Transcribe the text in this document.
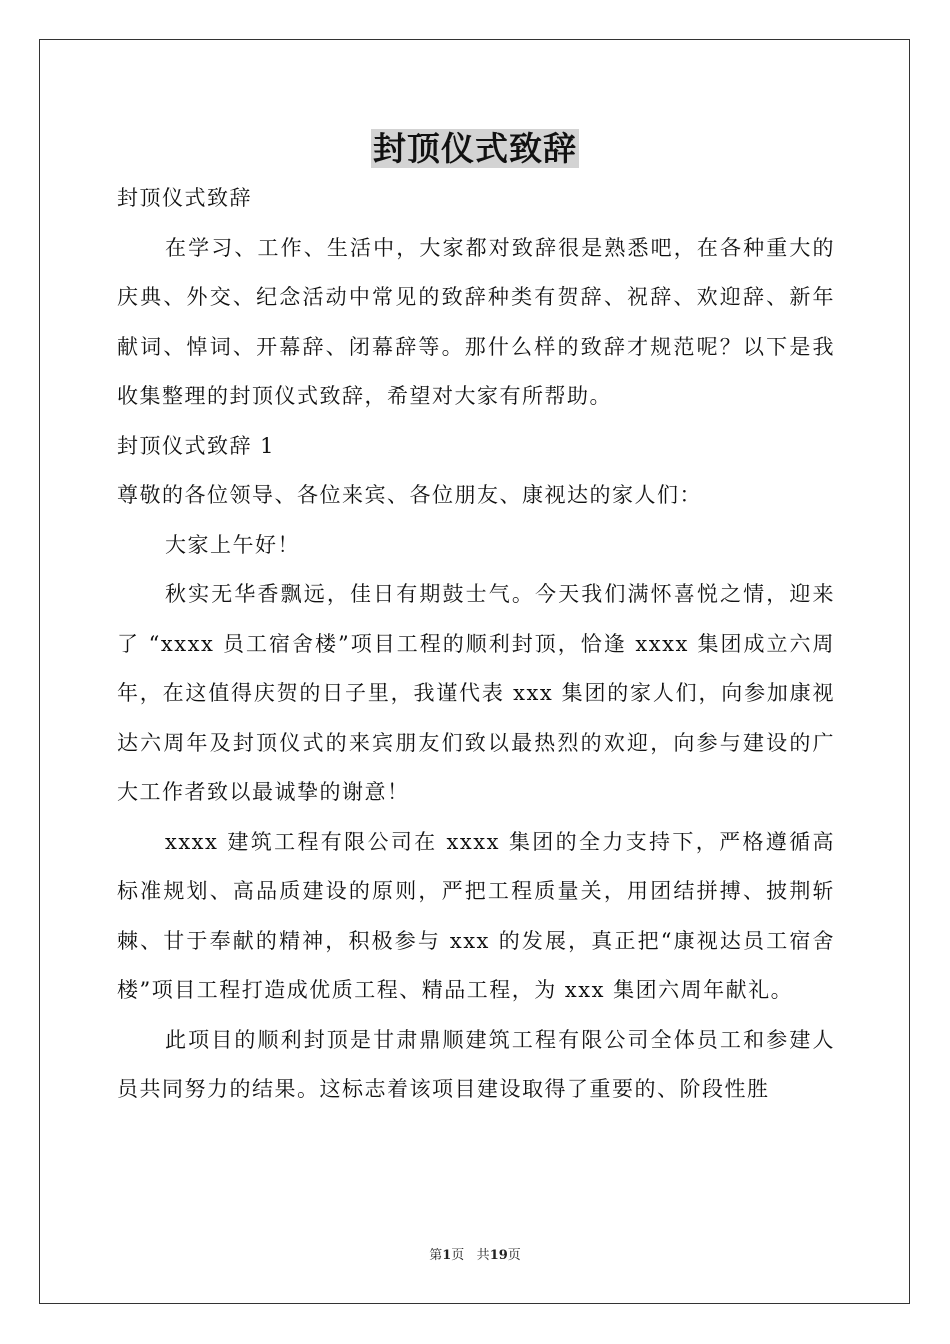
封顶仪式致辞

封顶仪式致辞

在学习、工作、生活中，大家都对致辞很是熟悉吧，在各种重大的庆典、外交、纪念活动中常见的致辞种类有贺辞、祝辞、欢迎辞、新年献词、悼词、开幕辞、闭幕辞等。那什么样的致辞才规范呢？以下是我收集整理的封顶仪式致辞，希望对大家有所帮助。

封顶仪式致辞 1

尊敬的各位领导、各位来宾、各位朋友、康视达的家人们：

大家上午好！

秋实无华香飘远，佳日有期鼓士气。今天我们满怀喜悦之情，迎来了 “xxxx 员工宿舍楼”项目工程的顺利封顶，恰逢 xxxx 集团成立六周年，在这值得庆贺的日子里，我谨代表 xxx 集团的家人们，向参加康视达六周年及封顶仪式的来宾朋友们致以最热烈的欢迎，向参与建设的广大工作者致以最诚挚的谢意！

xxxx 建筑工程有限公司在 xxxx 集团的全力支持下，严格遵循高标准规划、高品质建设的原则，严把工程质量关，用团结拼搏、披荆斩棘、甘于奉献的精神，积极参与 xxx 的发展，真正把“康视达员工宿舍楼”项目工程打造成优质工程、精品工程，为 xxx 集团六周年献礼。

此项目的顺利封顶是甘肃鼎顺建筑工程有限公司全体员工和参建人员共同努力的结果。这标志着该项目建设取得了重要的、阶段性胜

第1页 共19页
